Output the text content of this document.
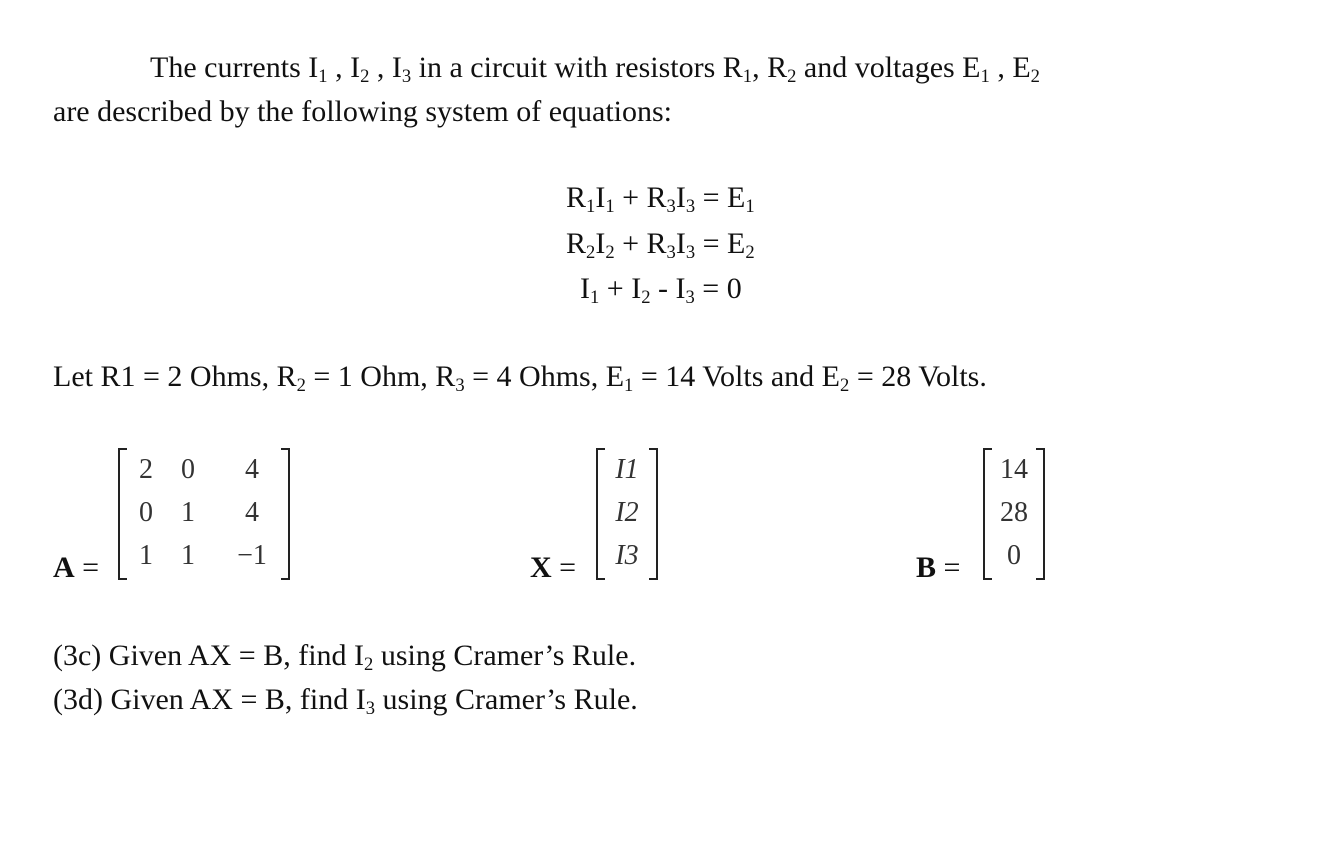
The currents $I_1$ , $I_2$ , $I_3$ in a circuit with resistors $R_1$, $R_2$ and voltages $E_1$ , $E_2$
are described by the following system of equations:
$R_1I_1 + R_3I_3 = E_1$
$R_2I_2 + R_3I_3 = E_2$
$I_1 + I_2 - I_3 = 0$
Let R1 = 2 Ohms, $R_2 = 1$ Ohm, $R_3 = 4$ Ohms, $E_1 = 14$ Volts and $E_2 = 28$ Volts.
A =
2	0	4
0	1	4
1	1	−1	X =
I1
I2
I3	B =
14
28
0
(3c) Given AX = B, find $I_2$ using Cramer’s Rule.
(3d) Given AX = B, find $I_3$ using Cramer’s Rule.
